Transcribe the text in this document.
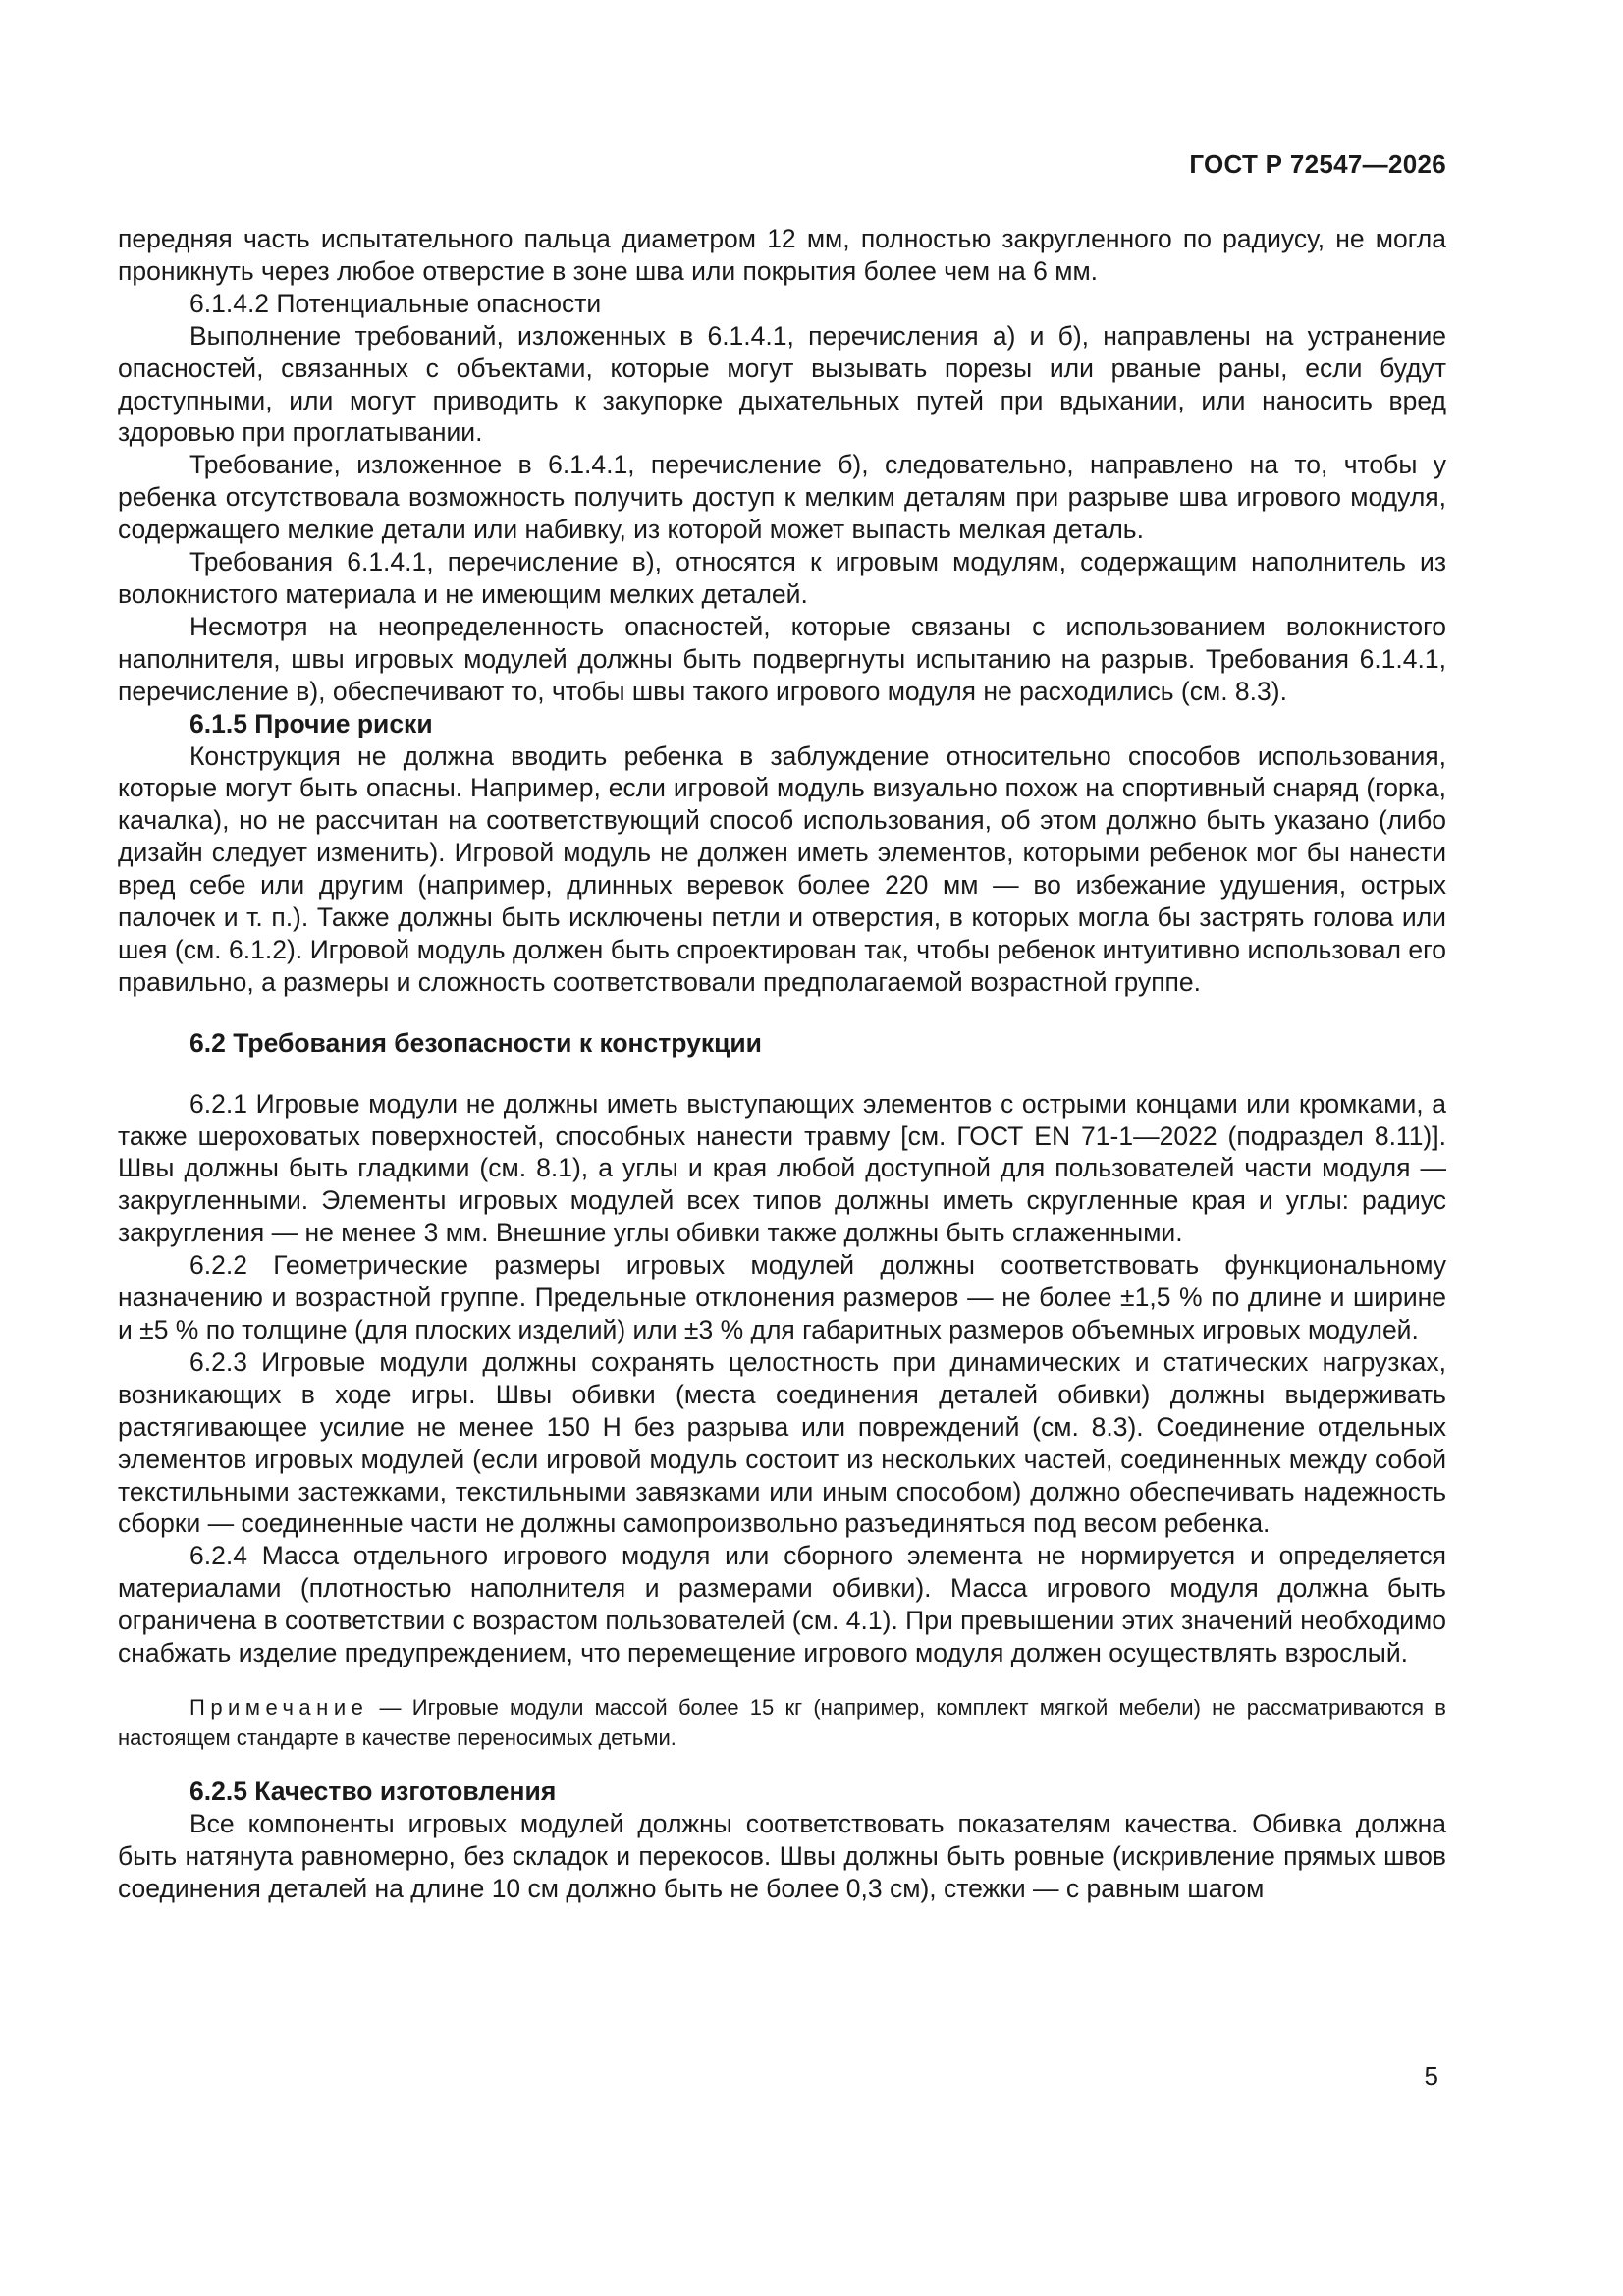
ГОСТ Р 72547—2026

передняя часть испытательного пальца диаметром 12 мм, полностью закругленного по радиусу, не могла проникнуть через любое отверстие в зоне шва или покрытия более чем на 6 мм.

6.1.4.2 Потенциальные опасности

Выполнение требований, изложенных в 6.1.4.1, перечисления а) и б), направлены на устранение опасностей, связанных с объектами, которые могут вызывать порезы или рваные раны, если будут доступными, или могут приводить к закупорке дыхательных путей при вдыхании, или наносить вред здоровью при проглатывании.

Требование, изложенное в 6.1.4.1, перечисление б), следовательно, направлено на то, чтобы у ребенка отсутствовала возможность получить доступ к мелким деталям при разрыве шва игрового модуля, содержащего мелкие детали или набивку, из которой может выпасть мелкая деталь.

Требования 6.1.4.1, перечисление в), относятся к игровым модулям, содержащим наполнитель из волокнистого материала и не имеющим мелких деталей.

Несмотря на неопределенность опасностей, которые связаны с использованием волокнистого наполнителя, швы игровых модулей должны быть подвергнуты испытанию на разрыв. Требования 6.1.4.1, перечисление в), обеспечивают то, чтобы швы такого игрового модуля не расходились (см. 8.3).

6.1.5 Прочие риски

Конструкция не должна вводить ребенка в заблуждение относительно способов использования, которые могут быть опасны. Например, если игровой модуль визуально похож на спортивный снаряд (горка, качалка), но не рассчитан на соответствующий способ использования, об этом должно быть указано (либо дизайн следует изменить). Игровой модуль не должен иметь элементов, которыми ребенок мог бы нанести вред себе или другим (например, длинных веревок более 220 мм — во избежание удушения, острых палочек и т. п.). Также должны быть исключены петли и отверстия, в которых могла бы застрять голова или шея (см. 6.1.2). Игровой модуль должен быть спроектирован так, чтобы ребенок интуитивно использовал его правильно, а размеры и сложность соответствовали предполагаемой возрастной группе.

6.2 Требования безопасности к конструкции

6.2.1 Игровые модули не должны иметь выступающих элементов с острыми концами или кромками, а также шероховатых поверхностей, способных нанести травму [см. ГОСТ EN 71-1—2022 (подраздел 8.11)]. Швы должны быть гладкими (см. 8.1), а углы и края любой доступной для пользователей части модуля — закругленными. Элементы игровых модулей всех типов должны иметь скругленные края и углы: радиус закругления — не менее 3 мм. Внешние углы обивки также должны быть сглаженными.

6.2.2 Геометрические размеры игровых модулей должны соответствовать функциональному назначению и возрастной группе. Предельные отклонения размеров — не более ±1,5 % по длине и ширине и ±5 % по толщине (для плоских изделий) или ±3 % для габаритных размеров объемных игровых модулей.

6.2.3 Игровые модули должны сохранять целостность при динамических и статических нагрузках, возникающих в ходе игры. Швы обивки (места соединения деталей обивки) должны выдерживать растягивающее усилие не менее 150 Н без разрыва или повреждений (см. 8.3). Соединение отдельных элементов игровых модулей (если игровой модуль состоит из нескольких частей, соединенных между собой текстильными застежками, текстильными завязками или иным способом) должно обеспечивать надежность сборки — соединенные части не должны самопроизвольно разъединяться под весом ребенка.

6.2.4 Масса отдельного игрового модуля или сборного элемента не нормируется и определяется материалами (плотностью наполнителя и размерами обивки). Масса игрового модуля должна быть ограничена в соответствии с возрастом пользователей (см. 4.1). При превышении этих значений необходимо снабжать изделие предупреждением, что перемещение игрового модуля должен осуществлять взрослый.

Примечание — Игровые модули массой более 15 кг (например, комплект мягкой мебели) не рассматриваются в настоящем стандарте в качестве переносимых детьми.

6.2.5 Качество изготовления

Все компоненты игровых модулей должны соответствовать показателям качества. Обивка должна быть натянута равномерно, без складок и перекосов. Швы должны быть ровные (искривление прямых швов соединения деталей на длине 10 см должно быть не более 0,3 см), стежки — с равным шагом

5
